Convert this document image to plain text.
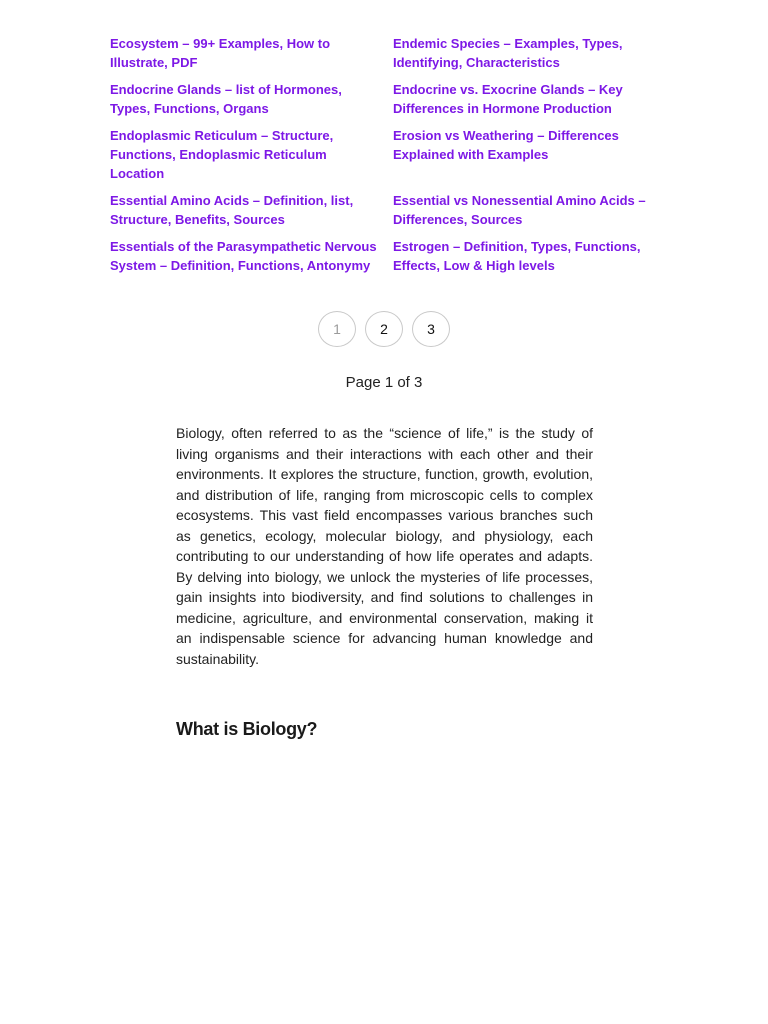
Ecosystem – 99+ Examples, How to Illustrate, PDF
Endemic Species – Examples, Types, Identifying, Characteristics
Endocrine Glands – list of Hormones, Types, Functions, Organs
Endocrine vs. Exocrine Glands – Key Differences in Hormone Production
Endoplasmic Reticulum – Structure, Functions, Endoplasmic Reticulum Location
Erosion vs Weathering – Differences Explained with Examples
Essential Amino Acids – Definition, list, Structure, Benefits, Sources
Essential vs Nonessential Amino Acids – Differences, Sources
Essentials of the Parasympathetic Nervous System – Definition, Functions, Antonymy
Estrogen – Definition, Types, Functions, Effects, Low & High levels
1	2	3
Page 1 of 3

Biology, often referred to as the “science of life,” is the study of living organisms and their interactions with each other and their environments. It explores the structure, function, growth, evolution, and distribution of life, ranging from microscopic cells to complex ecosystems. This vast field encompasses various branches such as genetics, ecology, molecular biology, and physiology, each contributing to our understanding of how life operates and adapts. By delving into biology, we unlock the mysteries of life processes, gain insights into biodiversity, and find solutions to challenges in medicine, agriculture, and environmental conservation, making it an indispensable science for advancing human knowledge and sustainability.

What is Biology?
